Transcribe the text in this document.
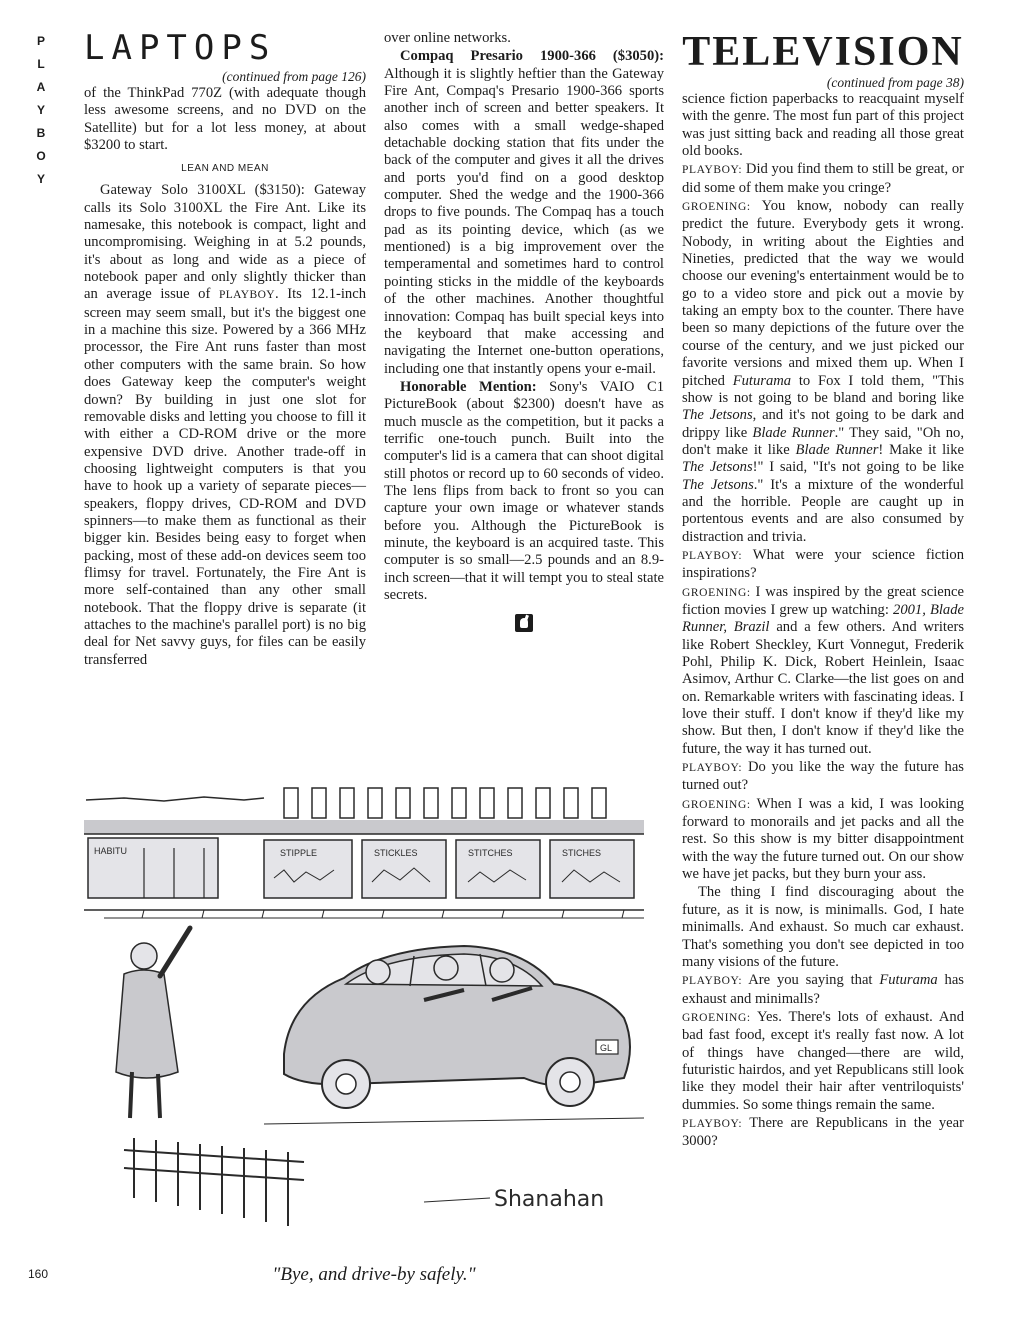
P
L
A
Y
B
O
Y
LAPTOPS
(continued from page 126)

of the ThinkPad 770Z (with adequate though less awesome screens, and no DVD on the Satellite) but for a lot less money, at about $3200 to start.

LEAN AND MEAN

Gateway Solo 3100XL ($3150): Gateway calls its Solo 3100XL the Fire Ant. Like its namesake, this notebook is compact, light and uncompromising. Weighing in at 5.2 pounds, it's about as long and wide as a piece of notebook paper and only slightly thicker than an average issue of PLAYBOY. Its 12.1-inch screen may seem small, but it's the biggest one in a machine this size. Powered by a 366 MHz processor, the Fire Ant runs faster than most other computers with the same brain. So how does Gateway keep the computer's weight down? By building in just one slot for removable disks and letting you choose to fill it with either a CD-ROM drive or the more expensive DVD drive. Another trade-off in choosing lightweight computers is that you have to hook up a variety of separate pieces—speakers, floppy drives, CD-ROM and DVD spinners—to make them as functional as their bigger kin. Besides being easy to forget when packing, most of these add-on devices seem too flimsy for travel. Fortunately, the Fire Ant is more self-contained than any other small notebook. That the floppy drive is separate (it attaches to the machine's parallel port) is no big deal for Net savvy guys, for files can be easily transferred

over online networks.

Compaq Presario 1900-366 ($3050): Although it is slightly heftier than the Gateway Fire Ant, Compaq's Presario 1900-366 sports another inch of screen and better speakers. It also comes with a small wedge-shaped detachable docking station that fits under the back of the computer and gives it all the drives and ports you'd find on a good desktop computer. Shed the wedge and the 1900-366 drops to five pounds. The Compaq has a touch pad as its pointing device, which (as we mentioned) is a big improvement over the temperamental and sometimes hard to control pointing sticks in the middle of the keyboards of the other machines. Another thoughtful innovation: Compaq has built special keys into the keyboard that make accessing and navigating the Internet one-button operations, including one that instantly opens your e-mail.

Honorable Mention: Sony's VAIO C1 PictureBook (about $2300) doesn't have as much muscle as the competition, but it packs a terrific one-touch punch. Built into the computer's lid is a camera that can shoot digital still photos or record up to 60 seconds of video. The lens flips from back to front so you can capture your own image or whatever stands before you. Although the PictureBook is minute, the keyboard is an acquired taste. This computer is so small—2.5 pounds and an 8.9-inch screen—that it will tempt you to steal state secrets.

TELEVISION
(continued from page 38)

science fiction paperbacks to reacquaint myself with the genre. The most fun part of this project was just sitting back and reading all those great old books.

PLAYBOY: Did you find them to still be great, or did some of them make you cringe?

GROENING: You know, nobody can really predict the future. Everybody gets it wrong. Nobody, in writing about the Eighties and Nineties, predicted that the way we would choose our evening's entertainment would be to go to a video store and pick out a movie by taking an empty box to the counter. There have been so many depictions of the future over the course of the century, and we just picked our favorite versions and mixed them up. When I pitched Futurama to Fox I told them, "This show is not going to be bland and boring like The Jetsons, and it's not going to be dark and drippy like Blade Runner." They said, "Oh no, don't make it like Blade Runner! Make it like The Jetsons!" I said, "It's not going to be like The Jetsons." It's a mixture of the wonderful and the horrible. People are caught up in portentous events and are also consumed by distraction and trivia.

PLAYBOY: What were your science fiction inspirations?

GROENING: I was inspired by the great science fiction movies I grew up watching: 2001, Blade Runner, Brazil and a few others. And writers like Robert Sheckley, Kurt Vonnegut, Frederik Pohl, Philip K. Dick, Robert Heinlein, Isaac Asimov, Arthur C. Clarke—the list goes on and on. Remarkable writers with fascinating ideas. I love their stuff. I don't know if they'd like my show. But then, I don't know if they'd like the future, the way it has turned out.

PLAYBOY: Do you like the way the future has turned out?

GROENING: When I was a kid, I was looking forward to monorails and jet packs and all the rest. So this show is my bitter disappointment with the way the future turned out. On our show we have jet packs, but they burn your ass.

The thing I find discouraging about the future, as it is now, is minimalls. God, I hate minimalls. And exhaust. So much car exhaust. That's something you don't see depicted in too many visions of the future.

PLAYBOY: Are you saying that Futurama has exhaust and minimalls?

GROENING: Yes. There's lots of exhaust. And bad fast food, except it's really fast now. A lot of things have changed—there are wild, futuristic hairdos, and yet Republicans still look like they model their hair after ventriloquists' dummies. So some things remain the same.

PLAYBOY: There are Republicans in the year 3000?

HABITU	STIPPLE	STICKLES	STITCHES	STICHES
GL
Shanahan
"Bye, and drive-by safely."
160
